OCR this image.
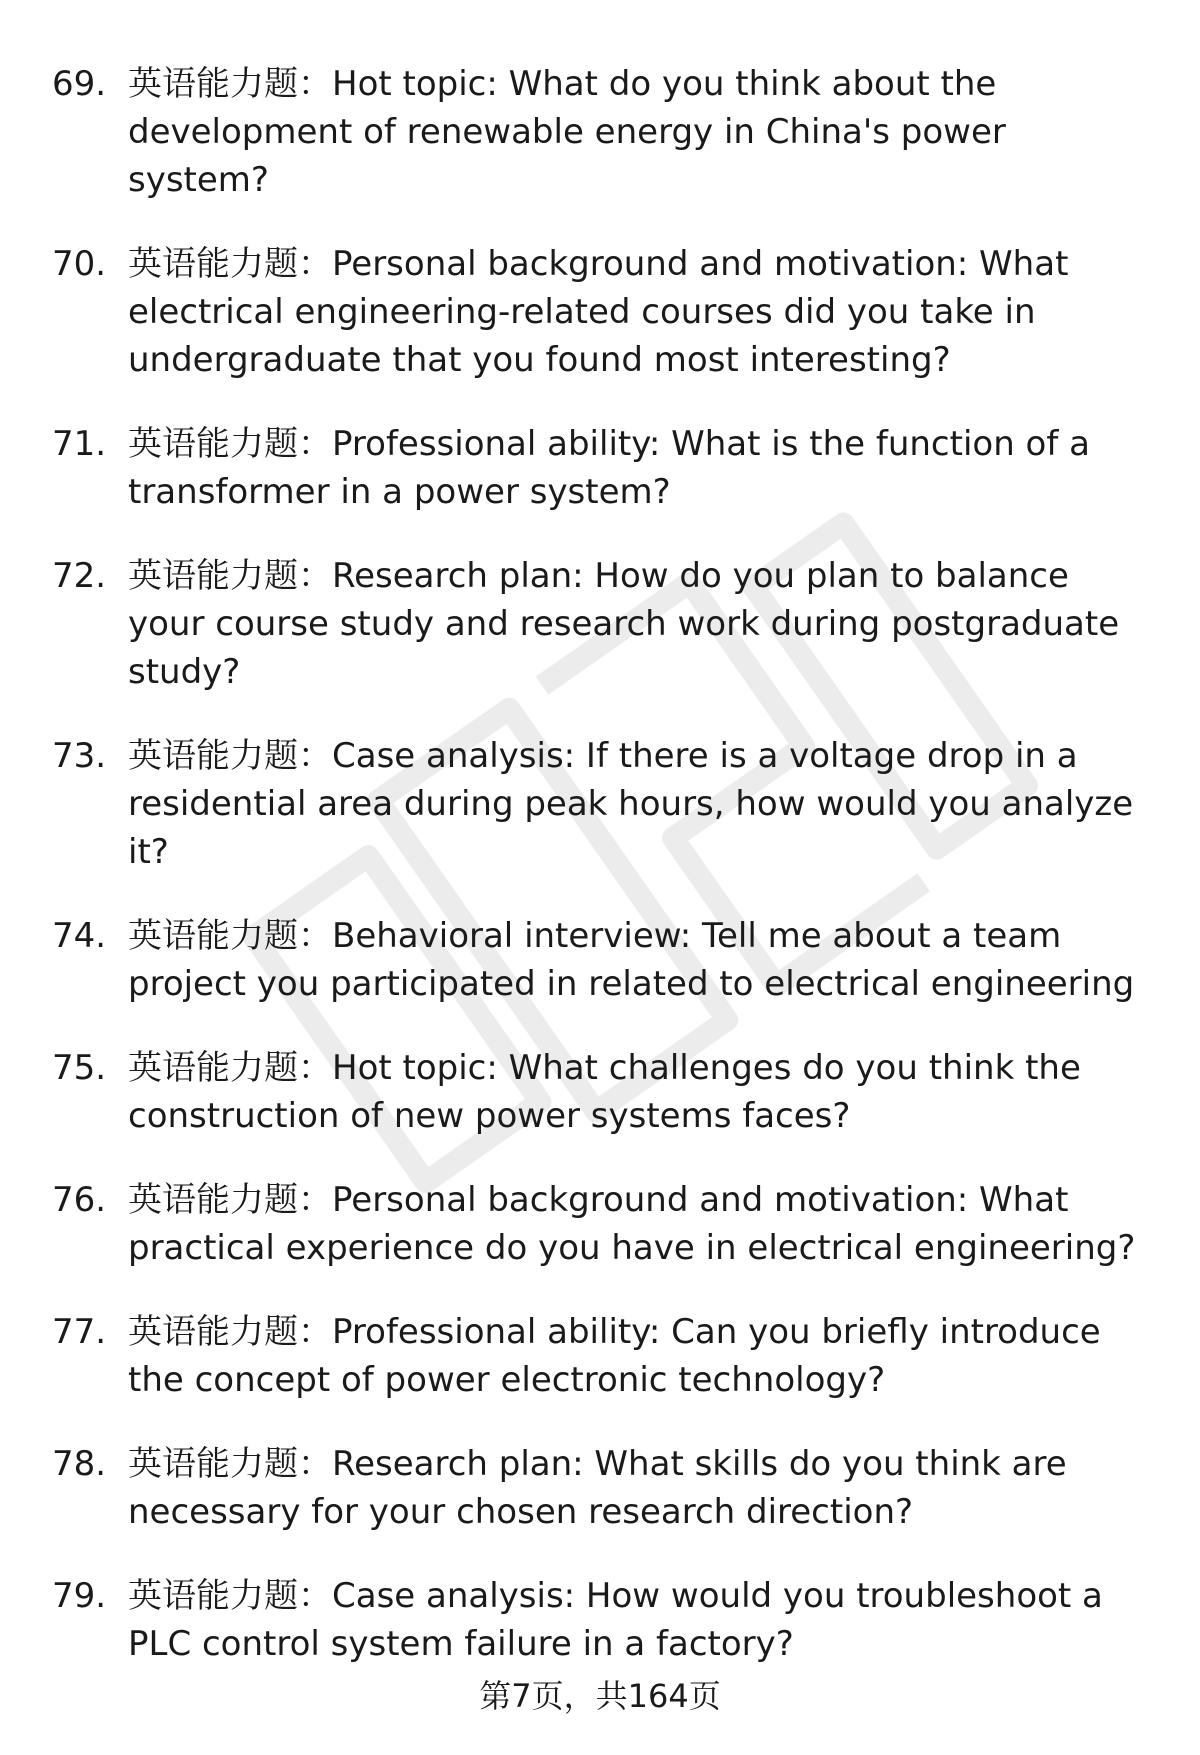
69. 英语能力题：Hot topic: What do you think about the development of renewable energy in China's power system?
70. 英语能力题：Personal background and motivation: What electrical engineering-related courses did you take in undergraduate that you found most interesting?
71. 英语能力题：Professional ability: What is the function of a transformer in a power system?
72. 英语能力题：Research plan: How do you plan to balance your course study and research work during postgraduate study?
73. 英语能力题：Case analysis: If there is a voltage drop in a residential area during peak hours, how would you analyze it?
74. 英语能力题：Behavioral interview: Tell me about a team project you participated in related to electrical engineering
75. 英语能力题：Hot topic: What challenges do you think the construction of new power systems faces?
76. 英语能力题：Personal background and motivation: What practical experience do you have in electrical engineering?
77. 英语能力题：Professional ability: Can you briefly introduce the concept of power electronic technology?
78. 英语能力题：Research plan: What skills do you think are necessary for your chosen research direction?
79. 英语能力题：Case analysis: How would you troubleshoot a PLC control system failure in a factory?
第7页，共164页
